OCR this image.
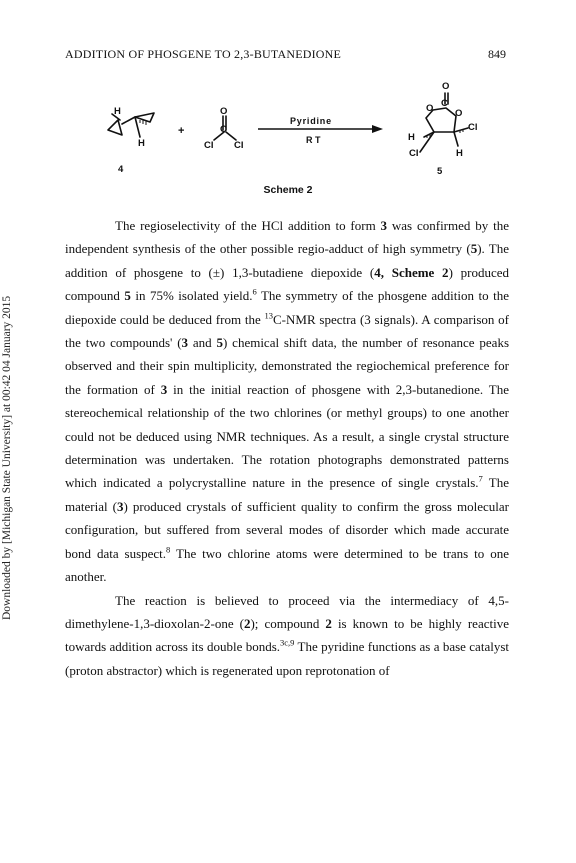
ADDITION OF PHOSGENE TO 2,3-BUTANEDIONE	849
Downloaded by [Michigan State University] at 00:42 04 January 2015
H
H
4
O
C
CI CI
+
Pyridine
R T
O
C
O O
H
CI
Cl
H
5
Scheme 2

The regioselectivity of the HCl addition to form 3 was confirmed by the independent synthesis of the other possible regio-adduct of high symmetry (5). The addition of phosgene to (±) 1,3-butadiene diepoxide (4, Scheme 2) produced compound 5 in 75% isolated yield.$^6$ The symmetry of the phosgene addition to the diepoxide could be deduced from the $^{13}$C-NMR spectra (3 signals). A comparison of the two compounds' (3 and 5) chemical shift data, the number of resonance peaks observed and their spin multiplicity, demonstrated the regiochemical preference for the formation of 3 in the initial reaction of phosgene with 2,3-butanedione. The stereochemical relationship of the two chlorines (or methyl groups) to one another could not be deduced using NMR techniques. As a result, a single crystal structure determination was undertaken. The rotation photographs demonstrated patterns which indicated a polycrystalline nature in the presence of single crystals.$^7$ The material (3) produced crystals of sufficient quality to confirm the gross molecular configuration, but suffered from several modes of disorder which made accurate bond data suspect.$^8$ The two chlorine atoms were determined to be trans to one another.

The reaction is believed to proceed via the intermediacy of 4,5-dimethylene-1,3-dioxolan-2-one (2); compound 2 is known to be highly reactive towards addition across its double bonds.$^{3c,9}$ The pyridine functions as a base catalyst (proton abstractor) which is regenerated upon reprotonation of
